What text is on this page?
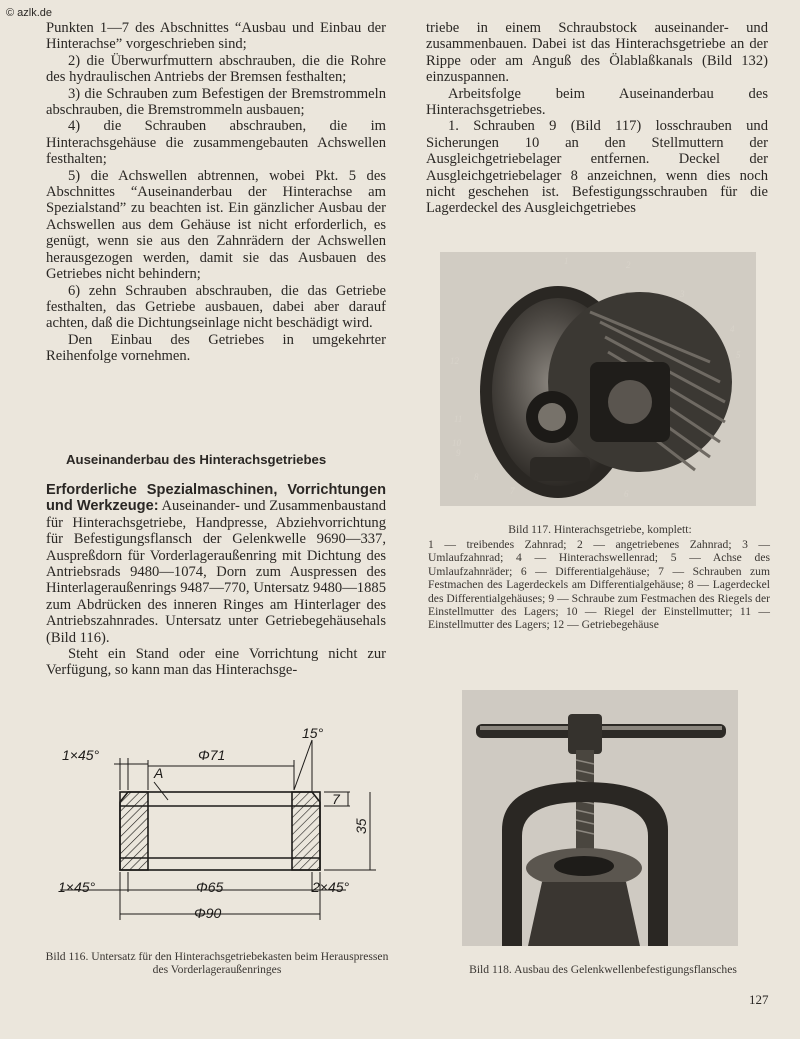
© azlk.de

Punkten 1—7 des Abschnittes “Ausbau und Einbau der Hinterachse” vorgeschrieben sind;

2) die Überwurfmuttern abschrauben, die die Rohre des hydraulischen Antriebs der Bremsen festhalten;

3) die Schrauben zum Befestigen der Bremstrommeln abschrauben, die Bremstrommeln ausbauen;

4) die Schrauben abschrauben, die im Hinterachsgehäuse die zusammengebauten Achswellen festhalten;

5) die Achswellen abtrennen, wobei Pkt. 5 des Abschnittes “Auseinanderbau der Hinterachse am Spezialstand” zu beachten ist. Ein gänzlicher Ausbau der Achswellen aus dem Gehäuse ist nicht erforderlich, es genügt, wenn sie aus den Zahnrädern der Achswellen herausgezogen werden, damit sie das Ausbauen des Getriebes nicht behindern;

6) zehn Schrauben abschrauben, die das Getriebe festhalten, das Getriebe ausbauen, dabei aber darauf achten, daß die Dichtungseinlage nicht beschädigt wird.

Den Einbau des Getriebes in umgekehrter Reihenfolge vornehmen.

Auseinanderbau des Hinterachsgetriebes

Erforderliche Spezialmaschinen, Vorrichtungen und Werkzeuge: Auseinander- und Zusammenbaustand für Hinterachsgetriebe, Handpresse, Abziehvorrichtung für Befestigungsflansch der Gelenkwelle 9690—337, Auspreßdorn für Vorderlageraußenring mit Dichtung des Antriebsrads 9480—1074, Dorn zum Auspressen des Hinterlageraußenrings 9487—770, Untersatz 9480—1885 zum Abdrücken des inneren Ringes am Hinterlager des Antriebszahnrades. Untersatz unter Getriebegehäusehals (Bild 116).

Steht ein Stand oder eine Vorrichtung nicht zur Verfügung, so kann man das Hinterachsge-

triebe in einem Schraubstock auseinander- und zusammenbauen. Dabei ist das Hinterachsgetriebe an der Rippe oder am Anguß des Ölablaßkanals (Bild 132) einzuspannen.

Arbeitsfolge beim Auseinanderbau des Hinterachsgetriebes.

1. Schrauben 9 (Bild 117) losschrauben und Sicherungen 10 an den Stellmuttern der Ausgleichgetriebelager entfernen. Deckel der Ausgleichgetriebelager 8 anzeichnen, wenn dies noch nicht geschehen ist. Befestigungsschrauben für die Lagerdeckel des Ausgleichgetriebes

1	2
3
4
5
6
7
8
9
10
11
12
Bild 117. Hinterachsgetriebe, komplett:
1 — treibendes Zahnrad; 2 — angetriebenes Zahnrad; 3 — Umlaufzahnrad; 4 — Hinterachswellenrad; 5 — Achse des Umlaufzahnräder; 6 — Differentialgehäuse; 7 — Schrauben zum Festmachen des Lagerdeckels am Differentialgehäuse; 8 — Lagerdeckel des Differentialgehäuses; 9 — Schraube zum Festmachen des Riegels der Einstellmutter des Lagers; 10 — Riegel der Einstellmutter; 11 — Einstellmutter des Lagers; 12 — Getriebegehäuse
1×45°	Φ71
15°
A
7
35
1×45°	Φ65	2×45°
Φ90
Bild 116. Untersatz für den Hinterachsgetriebekasten beim Herauspressen des Vorderlageraußenringes	Bild 118. Ausbau des Gelenkwellenbefestigungsflansches
127
